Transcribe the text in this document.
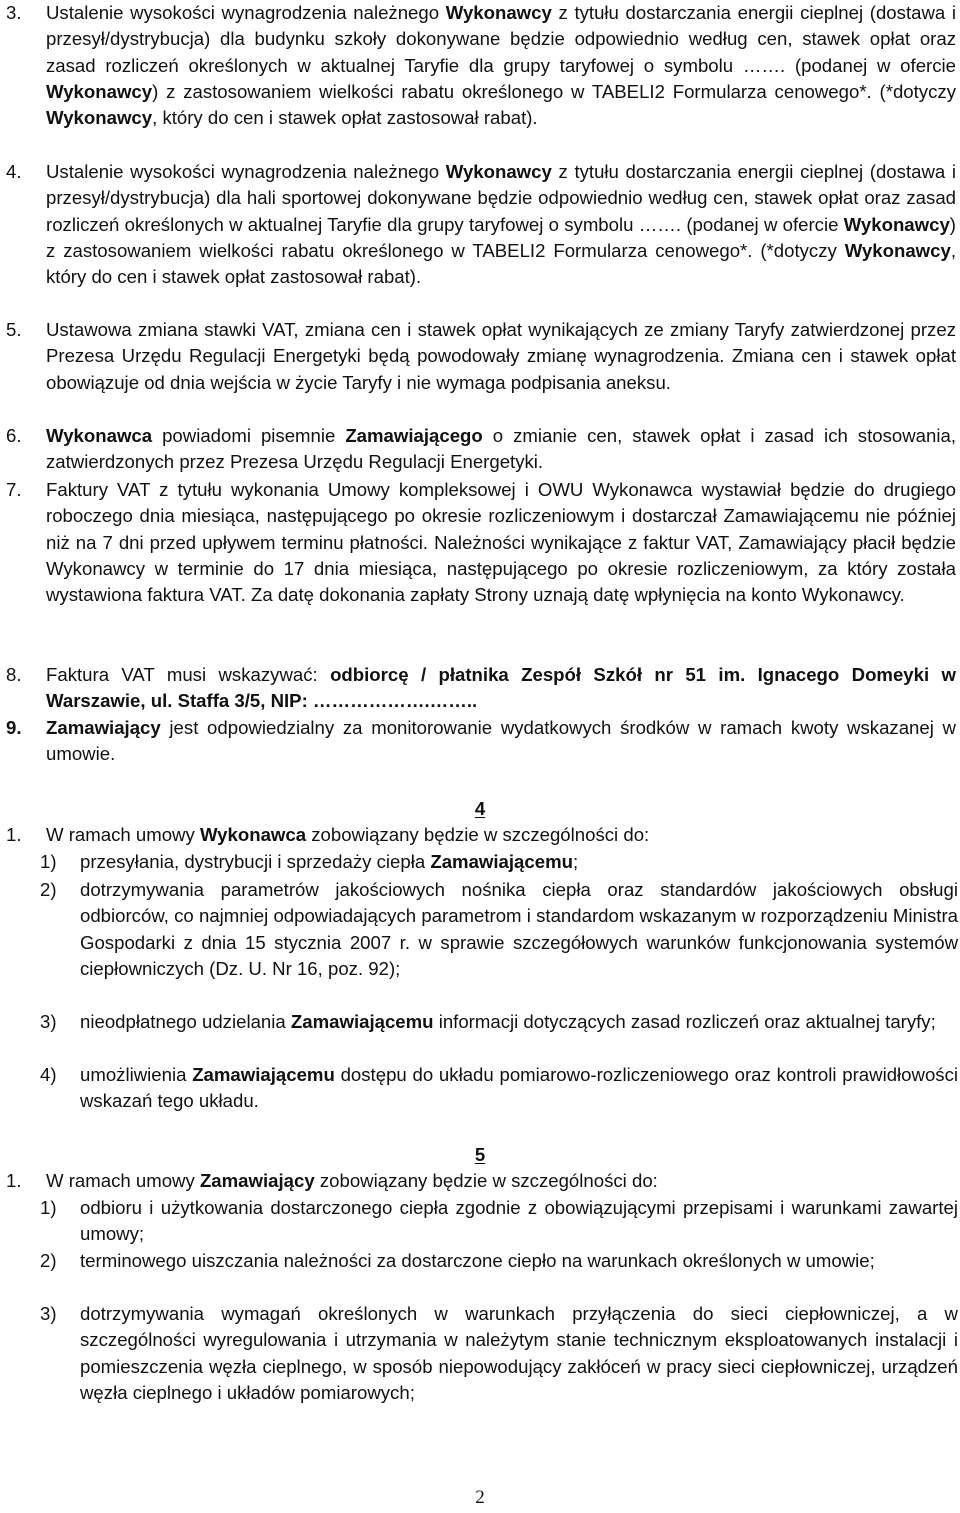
3. Ustalenie wysokości wynagrodzenia należnego Wykonawcy z tytułu dostarczania energii cieplnej (dostawa i przesył/dystrybucja) dla budynku szkoły dokonywane będzie odpowiednio według cen, stawek opłat oraz zasad rozliczeń określonych w aktualnej Taryfie dla grupy taryfowej o symbolu ……. (podanej w ofercie Wykonawcy) z zastosowaniem wielkości rabatu określonego w TABELI2 Formularza cenowego*. (*dotyczy Wykonawcy, który do cen i stawek opłat zastosował rabat).

4. Ustalenie wysokości wynagrodzenia należnego Wykonawcy z tytułu dostarczania energii cieplnej (dostawa i przesył/dystrybucja) dla hali sportowej dokonywane będzie odpowiednio według cen, stawek opłat oraz zasad rozliczeń określonych w aktualnej Taryfie dla grupy taryfowej o symbolu ……. (podanej w ofercie Wykonawcy) z zastosowaniem wielkości rabatu określonego w TABELI2 Formularza cenowego*. (*dotyczy Wykonawcy, który do cen i stawek opłat zastosował rabat).

5. Ustawowa zmiana stawki VAT, zmiana cen i stawek opłat wynikających ze zmiany Taryfy zatwierdzonej przez Prezesa Urzędu Regulacji Energetyki będą powodowały zmianę wynagrodzenia. Zmiana cen i stawek opłat obowiązuje od dnia wejścia w życie Taryfy i nie wymaga podpisania aneksu.

6. Wykonawca powiadomi pisemnie Zamawiającego o zmianie cen, stawek opłat i zasad ich stosowania, zatwierdzonych przez Prezesa Urzędu Regulacji Energetyki.

7. Faktury VAT z tytułu wykonania Umowy kompleksowej i OWU Wykonawca wystawiał będzie do drugiego roboczego dnia miesiąca, następującego po okresie rozliczeniowym i dostarczał Zamawiającemu nie później niż na 7 dni przed upływem terminu płatności. Należności wynikające z faktur VAT, Zamawiający płacił będzie Wykonawcy w terminie do 17 dnia miesiąca, następującego po okresie rozliczeniowym, za który została wystawiona faktura VAT. Za datę dokonania zapłaty Strony uznają datę wpłynięcia na konto Wykonawcy.

8. Faktura VAT musi wskazywać: odbiorcę / płatnika Zespół Szkół nr 51 im. Ignacego Domeyki w Warszawie, ul. Staffa 3/5, NIP: ……………….……..

9. Zamawiający jest odpowiedzialny za monitorowanie wydatkowych środków w ramach kwoty wskazanej w umowie.

4

1. W ramach umowy Wykonawca zobowiązany będzie w szczególności do:

1) przesyłania, dystrybucji i sprzedaży ciepła Zamawiającemu;

2) dotrzymywania parametrów jakościowych nośnika ciepła oraz standardów jakościowych obsługi odbiorców, co najmniej odpowiadających parametrom i standardom wskazanym w rozporządzeniu Ministra Gospodarki z dnia 15 stycznia 2007 r. w sprawie szczegółowych warunków funkcjonowania systemów ciepłowniczych (Dz. U. Nr 16, poz. 92);

3) nieodpłatnego udzielania Zamawiającemu informacji dotyczących zasad rozliczeń oraz aktualnej taryfy;

4) umożliwienia Zamawiającemu dostępu do układu pomiarowo-rozliczeniowego oraz kontroli prawidłowości wskazań tego układu.

5

1. W ramach umowy Zamawiający zobowiązany będzie w szczególności do:

1) odbioru i użytkowania dostarczonego ciepła zgodnie z obowiązującymi przepisami i warunkami zawartej umowy;

2) terminowego uiszczania należności za dostarczone ciepło na warunkach określonych w umowie;

3) dotrzymywania wymagań określonych w warunkach przyłączenia do sieci ciepłowniczej, a w szczególności wyregulowania i utrzymania w należytym stanie technicznym eksploatowanych instalacji i pomieszczenia węzła cieplnego, w sposób niepowodujący zakłóceń w pracy sieci ciepłowniczej, urządzeń węzła cieplnego i układów pomiarowych;

2
